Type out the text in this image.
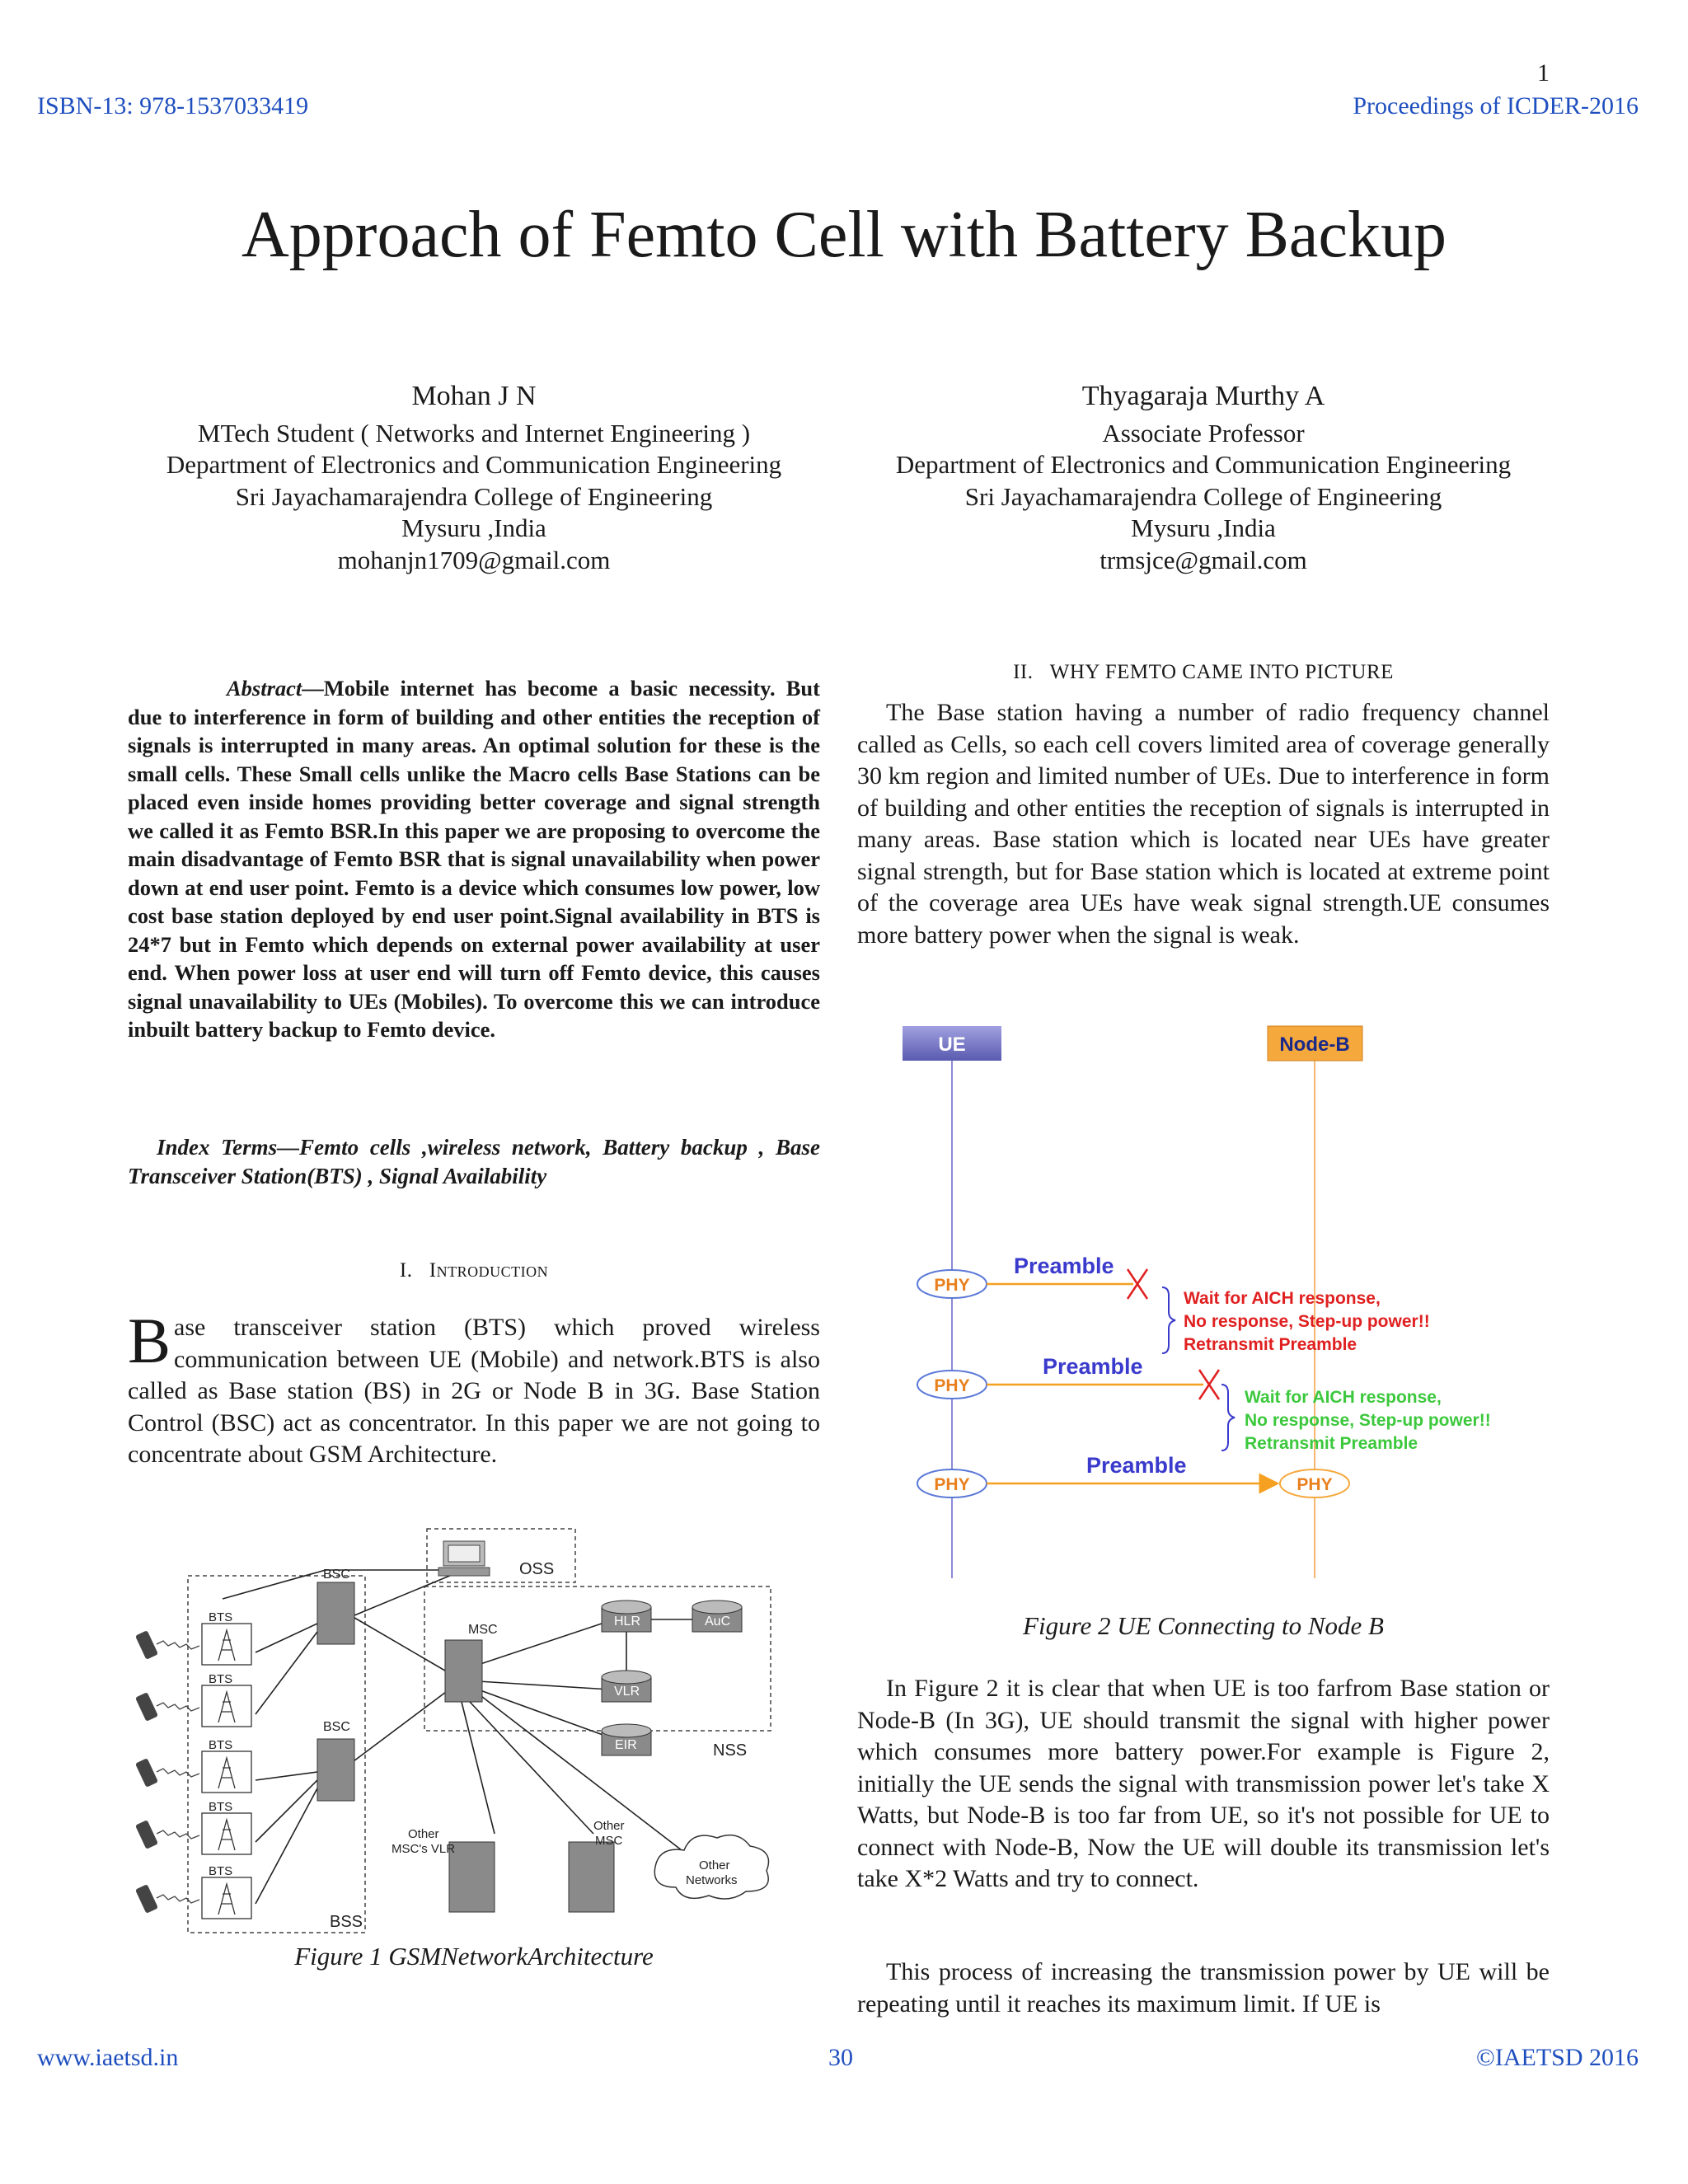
1
ISBN-13: 978-1537033419	Proceedings of ICDER-2016
Approach of Femto Cell with Battery Backup
Mohan J N
MTech Student ( Networks and Internet Engineering )
Department of Electronics and Communication Engineering
Sri Jayachamarajendra College of Engineering
Mysuru ,India
mohanjn1709@gmail.com
Thyagaraja Murthy A
Associate Professor
Department of Electronics and Communication Engineering
Sri Jayachamarajendra College of Engineering
Mysuru ,India
trmsjce@gmail.com
Abstract—Mobile internet has become a basic necessity. But due to interference in form of building and other entities the reception of signals is interrupted in many areas. An optimal solution for these is the small cells. These Small cells unlike the Macro cells Base Stations can be placed even inside homes providing better coverage and signal strength we called it as Femto BSR.In this paper we are proposing to overcome the main disadvantage of Femto BSR that is signal unavailability when power down at end user point. Femto is a device which consumes low power, low cost base station deployed by end user point.Signal availability in BTS is 24*7 but in Femto which depends on external power availability at user end. When power loss at user end will turn off Femto device, this causes signal unavailability to UEs (Mobiles). To overcome this we can introduce inbuilt battery backup to Femto device.
Index Terms—Femto cells ,wireless network, Battery backup , Base Transceiver Station(BTS) , Signal Availability
I. Introduction
Base transceiver station (BTS) which proved wireless communication between UE (Mobile) and network.BTS is also called as Base station (BS) in 2G or Node B in 3G. Base Station Control (BSC) act as concentrator. In this paper we are not going to concentrate about GSM Architecture.
OSS
BSC
BSC
MSC
HLR	AuC
VLR
EIR	NSS
BTS
BTS
BTS
BTS
BTS
BSS
Other
MSC's VLR
Other
MSC
Other
Networks
Figure 1 GSMNetworkArchitecture
II. WHY FEMTO CAME INTO PICTURE
The Base station having a number of radio frequency channel called as Cells, so each cell covers limited area of coverage generally 30 km region and limited number of UEs. Due to interference in form of building and other entities the reception of signals is interrupted in many areas. Base station which is located near UEs have greater signal strength, but for Base station which is located at extreme point of the coverage area UEs have weak signal strength.UE consumes more battery power when the signal is weak.
UE	Node-B
PHY
PHY
PHY	PHY
Preamble
Preamble
Preamble
Wait for AICH response,
No response, Step-up power!!
Retransmit Preamble
Wait for AICH response,
No response, Step-up power!!
Retransmit Preamble
Figure 2 UE Connecting to Node B
In Figure 2 it is clear that when UE is too farfrom Base station or Node-B (In 3G), UE should transmit the signal with higher power which consumes more battery power.For example is Figure 2, initially the UE sends the signal with transmission power let's take X Watts, but Node-B is too far from UE, so it's not possible for UE to connect with Node-B, Now the UE will double its transmission let's take X*2 Watts and try to connect.
This process of increasing the transmission power by UE will be repeating until it reaches its maximum limit. If UE is
www.iaetsd.in	30	©IAETSD 2016
